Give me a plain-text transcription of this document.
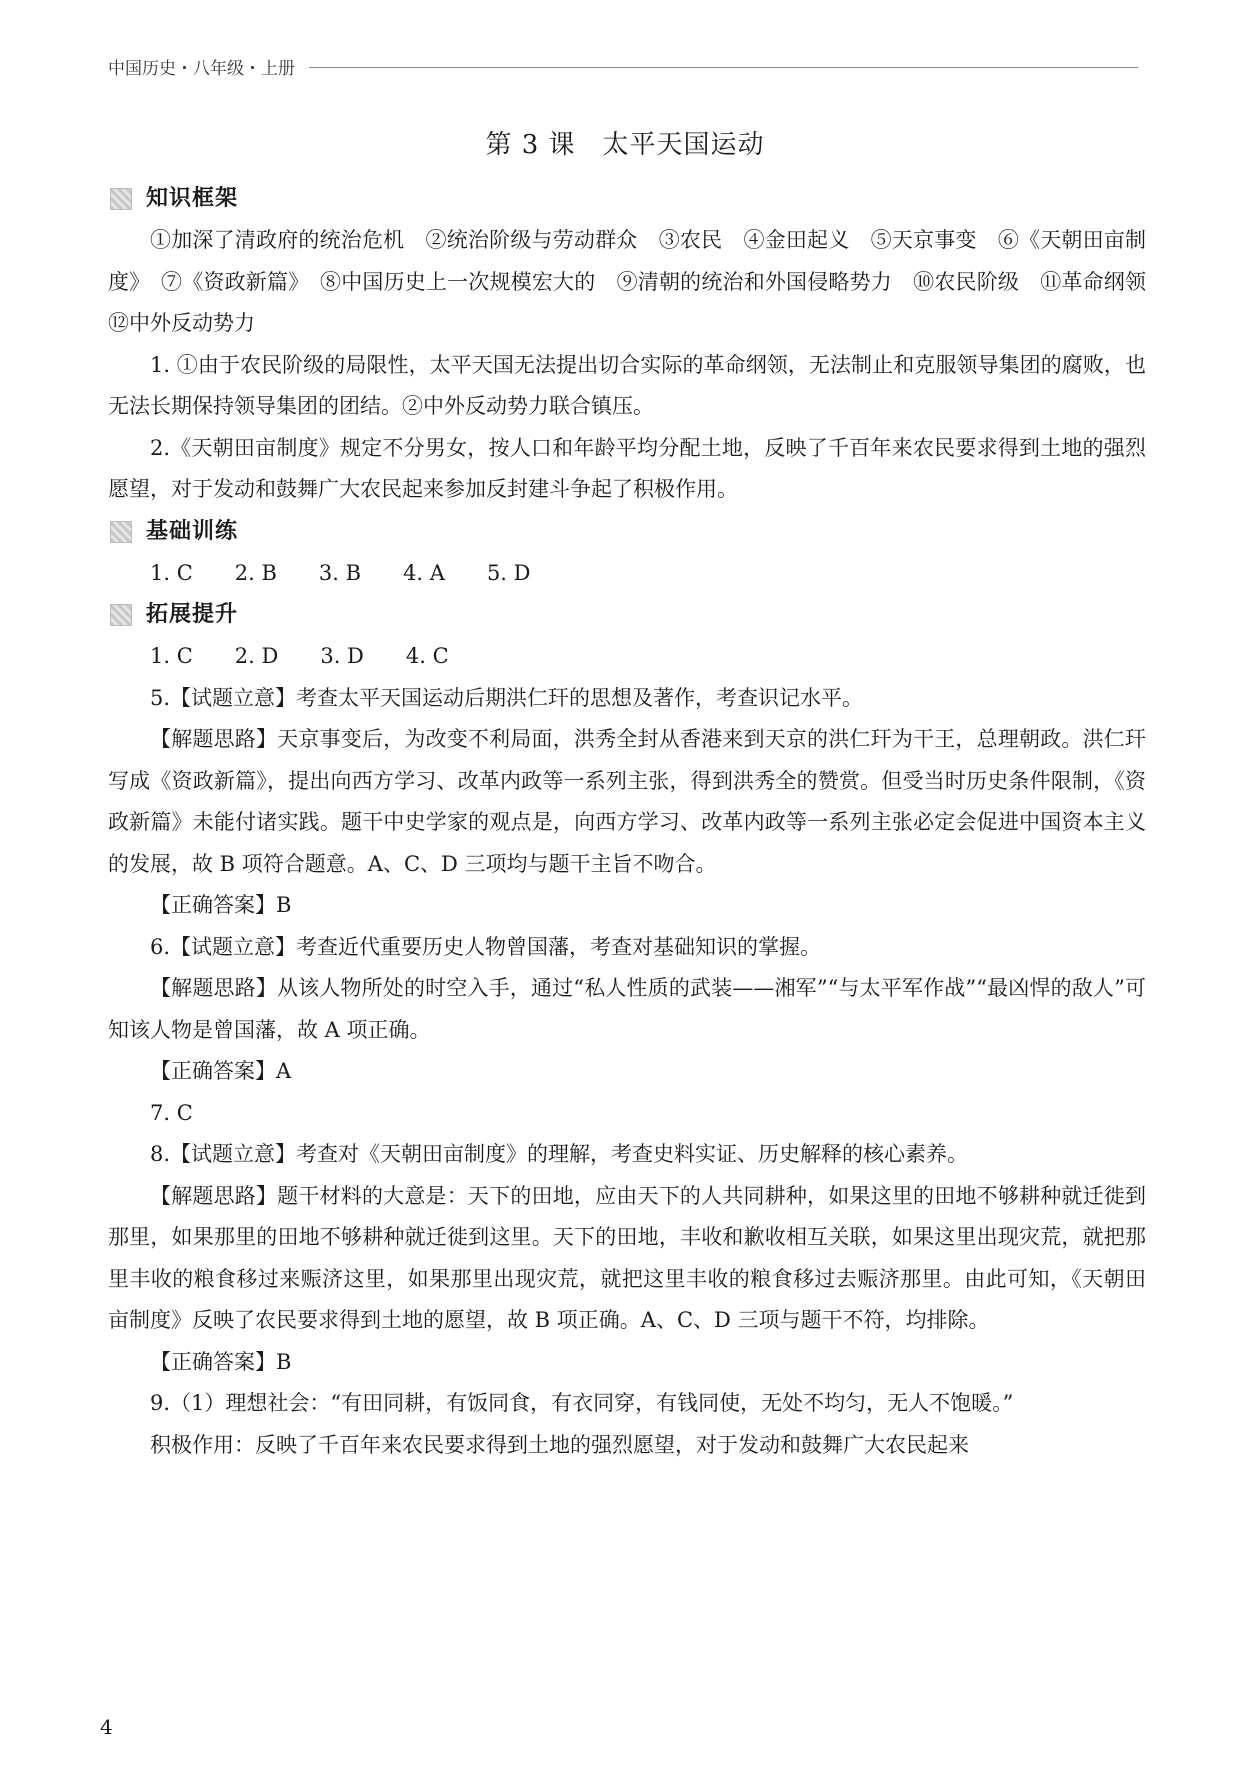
中国历史・八年级・上册
第 3 课　太平天国运动
知识框架

①加深了清政府的统治危机　②统治阶级与劳动群众　③农民　④金田起义　⑤天京事变　⑥《天朝田亩制度》　⑦《资政新篇》　⑧中国历史上一次规模宏大的　⑨清朝的统治和外国侵略势力　⑩农民阶级　⑪革命纲领　⑫中外反动势力

1. ①由于农民阶级的局限性，太平天国无法提出切合实际的革命纲领，无法制止和克服领导集团的腐败，也无法长期保持领导集团的团结。②中外反动势力联合镇压。

2.《天朝田亩制度》规定不分男女，按人口和年龄平均分配土地，反映了千百年来农民要求得到土地的强烈愿望，对于发动和鼓舞广大农民起来参加反封建斗争起了积极作用。

基础训练

1. C　　2. B　　3. B　　4. A　　5. D

拓展提升

1. C　　2. D　　3. D　　4. C

5.【试题立意】考查太平天国运动后期洪仁玕的思想及著作，考查识记水平。

【解题思路】天京事变后，为改变不利局面，洪秀全封从香港来到天京的洪仁玕为干王，总理朝政。洪仁玕写成《资政新篇》，提出向西方学习、改革内政等一系列主张，得到洪秀全的赞赏。但受当时历史条件限制，《资政新篇》未能付诸实践。题干中史学家的观点是，向西方学习、改革内政等一系列主张必定会促进中国资本主义的发展，故 B 项符合题意。A、C、D 三项均与题干主旨不吻合。

【正确答案】B

6.【试题立意】考查近代重要历史人物曾国藩，考查对基础知识的掌握。

【解题思路】从该人物所处的时空入手，通过“私人性质的武装——湘军”“与太平军作战”“最凶悍的敌人”可知该人物是曾国藩，故 A 项正确。

【正确答案】A

7. C

8.【试题立意】考查对《天朝田亩制度》的理解，考查史料实证、历史解释的核心素养。

【解题思路】题干材料的大意是：天下的田地，应由天下的人共同耕种，如果这里的田地不够耕种就迁徙到那里，如果那里的田地不够耕种就迁徙到这里。天下的田地，丰收和歉收相互关联，如果这里出现灾荒，就把那里丰收的粮食移过来赈济这里，如果那里出现灾荒，就把这里丰收的粮食移过去赈济那里。由此可知，《天朝田亩制度》反映了农民要求得到土地的愿望，故 B 项正确。A、C、D 三项与题干不符，均排除。

【正确答案】B

9.（1）理想社会：“有田同耕，有饭同食，有衣同穿，有钱同使，无处不均匀，无人不饱暖。”

积极作用：反映了千百年来农民要求得到土地的强烈愿望，对于发动和鼓舞广大农民起来

4
